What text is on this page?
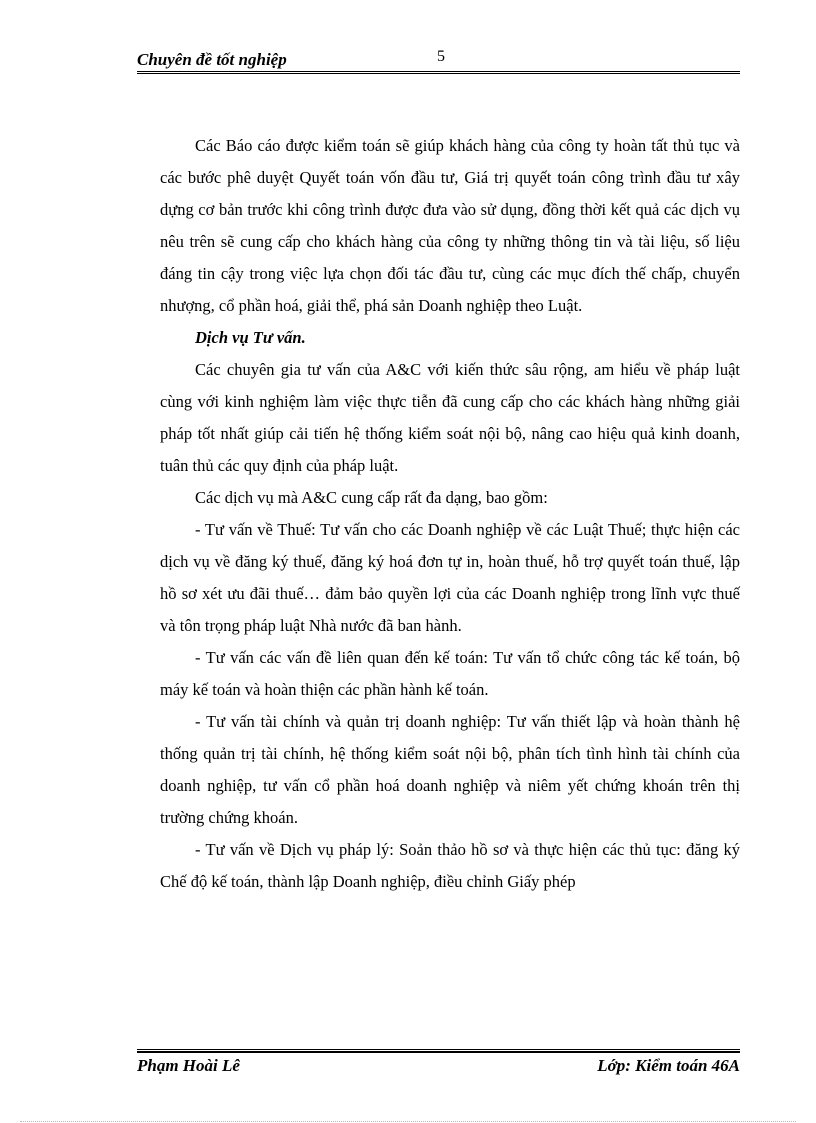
Chuyên đề tốt nghiệp	5

Các Báo cáo được kiểm toán sẽ giúp khách hàng của công ty hoàn tất thủ tục và các bước phê duyệt Quyết toán vốn đầu tư, Giá trị quyết toán công trình đầu tư xây dựng cơ bản trước khi công trình được đưa vào sử dụng, đồng thời kết quả các dịch vụ nêu trên sẽ cung cấp cho khách hàng của công ty những thông tin và tài liệu, số liệu đáng tin cậy trong việc lựa chọn đối tác đầu tư, cùng các mục đích thế chấp, chuyển nhượng, cổ phần hoá, giải thể, phá sản Doanh nghiệp theo Luật.

Dịch vụ Tư vấn.

Các chuyên gia tư vấn của A&C với kiến thức sâu rộng, am hiểu về pháp luật cùng với kinh nghiệm làm việc thực tiễn đã cung cấp cho các khách hàng những giải pháp tốt nhất giúp cải tiến hệ thống kiểm soát nội bộ, nâng cao hiệu quả kinh doanh, tuân thủ các quy định của pháp luật.

Các dịch vụ mà A&C cung cấp rất đa dạng, bao gồm:

- Tư vấn về Thuế: Tư vấn cho các Doanh nghiệp về các Luật Thuế; thực hiện các dịch vụ về đăng ký thuế, đăng ký hoá đơn tự in, hoàn thuế, hỗ trợ quyết toán thuế, lập hồ sơ xét ưu đãi thuế… đảm bảo quyền lợi của các Doanh nghiệp trong lĩnh vực thuế và tôn trọng pháp luật Nhà nước đã ban hành.

- Tư vấn các vấn đề liên quan đến kế toán: Tư vấn tổ chức công tác kế toán, bộ máy kế toán và hoàn thiện các phần hành kế toán.

- Tư vấn tài chính và quản trị doanh nghiệp: Tư vấn thiết lập và hoàn thành hệ thống quản trị tài chính, hệ thống kiểm soát nội bộ, phân tích tình hình tài chính của doanh nghiệp, tư vấn cổ phần hoá doanh nghiệp và niêm yết chứng khoán trên thị trường chứng khoán.

- Tư vấn về Dịch vụ pháp lý: Soản thảo hồ sơ và thực hiện các thủ tục: đăng ký Chế độ kế toán, thành lập Doanh nghiệp, điều chỉnh Giấy phép

Phạm Hoài Lê	Lớp: Kiểm toán 46A
